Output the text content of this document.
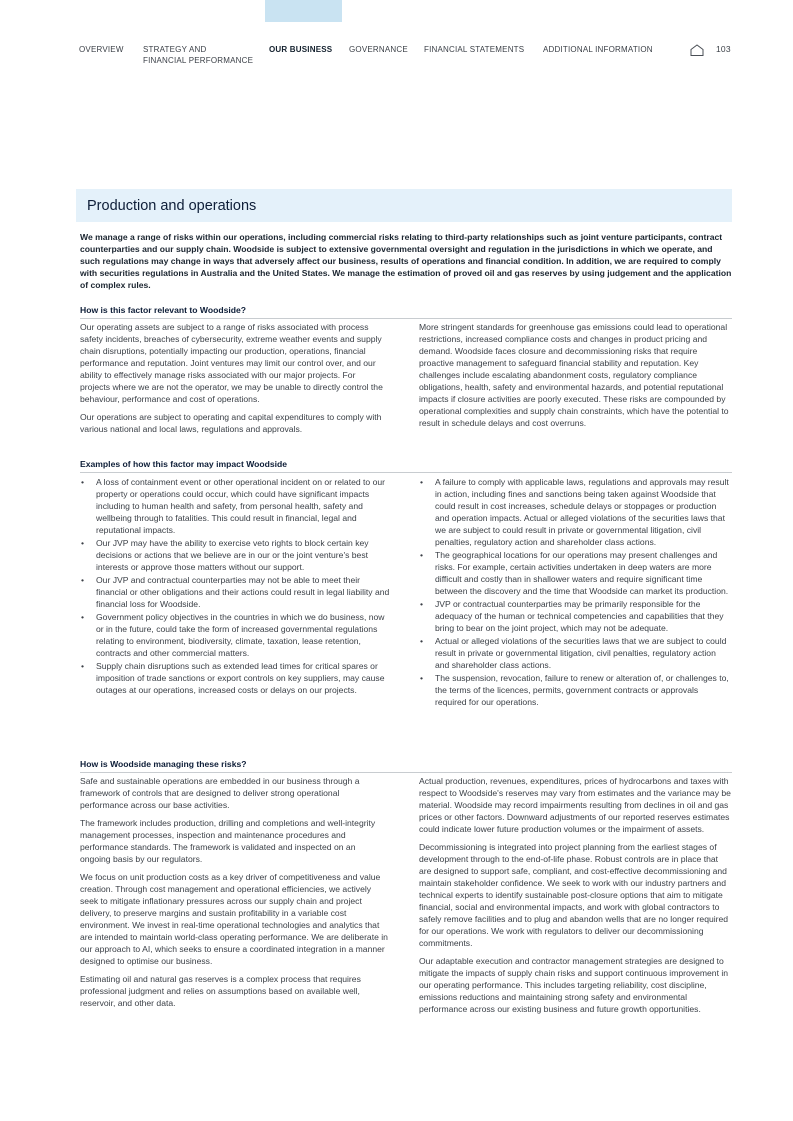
OVERVIEW STRATEGY AND
FINANCIAL PERFORMANCE
OUR BUSINESS GOVERNANCE FINANCIAL STATEMENTS ADDITIONAL INFORMATION	103
Production and operations

We manage a range of risks within our operations, including commercial risks relating to third-party relationships such as joint venture participants, contract counterparties and our supply chain. Woodside is subject to extensive governmental oversight and regulation in the jurisdictions in which we operate, and such regulations may change in ways that adversely affect our business, results of operations and financial condition. In addition, we are required to comply with securities regulations in Australia and the United States. We manage the estimation of proved oil and gas reserves by using judgement and the application of complex rules.

How is this factor relevant to Woodside?

Our operating assets are subject to a range of risks associated with process safety incidents, breaches of cybersecurity, extreme weather events and supply chain disruptions, potentially impacting our production, operations, financial performance and reputation. Joint ventures may limit our control over, and our ability to effectively manage risks associated with our major projects. For projects where we are not the operator, we may be unable to directly control the behaviour, performance and cost of operations.

Our operations are subject to operating and capital expenditures to comply with various national and local laws, regulations and approvals.

More stringent standards for greenhouse gas emissions could lead to operational restrictions, increased compliance costs and changes in product pricing and demand. Woodside faces closure and decommissioning risks that require proactive management to safeguard financial stability and reputation. Key challenges include escalating abandonment costs, regulatory compliance obligations, health, safety and environmental hazards, and potential reputational impacts if closure activities are poorly executed. These risks are compounded by operational complexities and supply chain constraints, which have the potential to result in schedule delays and cost overruns.

Examples of how this factor may impact Woodside
• A loss of containment event or other operational incident on or related to our property or operations could occur, which could have significant impacts including to human health and safety, from personal health, safety and wellbeing through to fatalities. This could result in financial, legal and reputational impacts.
• Our JVP may have the ability to exercise veto rights to block certain key decisions or actions that we believe are in our or the joint venture's best interests or approve those matters without our support.
• Our JVP and contractual counterparties may not be able to meet their financial or other obligations and their actions could result in legal liability and financial loss for Woodside.
• Government policy objectives in the countries in which we do business, now or in the future, could take the form of increased governmental regulations relating to environment, biodiversity, climate, taxation, lease retention, contracts and other commercial matters.
• Supply chain disruptions such as extended lead times for critical spares or imposition of trade sanctions or export controls on key suppliers, may cause outages at our operations, increased costs or delays on our projects.
• A failure to comply with applicable laws, regulations and approvals may result in action, including fines and sanctions being taken against Woodside that could result in cost increases, schedule delays or stoppages or production and operation impacts. Actual or alleged violations of the securities laws that we are subject to could result in private or governmental litigation, civil penalties, regulatory action and shareholder class actions.
• The geographical locations for our operations may present challenges and risks. For example, certain activities undertaken in deep waters are more difficult and costly than in shallower waters and require significant time between the discovery and the time that Woodside can market its production.
• JVP or contractual counterparties may be primarily responsible for the adequacy of the human or technical competencies and capabilities that they bring to bear on the joint project, which may not be adequate.
• Actual or alleged violations of the securities laws that we are subject to could result in private or governmental litigation, civil penalties, regulatory action and shareholder class actions.
• The suspension, revocation, failure to renew or alteration of, or challenges to, the terms of the licences, permits, government contracts or approvals required for our operations.
How is Woodside managing these risks?

Safe and sustainable operations are embedded in our business through a framework of controls that are designed to deliver strong operational performance across our base activities.

The framework includes production, drilling and completions and well-integrity management processes, inspection and maintenance procedures and performance standards. The framework is validated and inspected on an ongoing basis by our regulators.

We focus on unit production costs as a key driver of competitiveness and value creation. Through cost management and operational efficiencies, we actively seek to mitigate inflationary pressures across our supply chain and project delivery, to preserve margins and sustain profitability in a variable cost environment. We invest in real-time operational technologies and analytics that are intended to maintain world-class operating performance. We are deliberate in our approach to AI, which seeks to ensure a coordinated integration in a manner designed to optimise our business.

Estimating oil and natural gas reserves is a complex process that requires professional judgment and relies on assumptions based on available well, reservoir, and other data.

Actual production, revenues, expenditures, prices of hydrocarbons and taxes with respect to Woodside's reserves may vary from estimates and the variance may be material. Woodside may record impairments resulting from declines in oil and gas prices or other factors. Downward adjustments of our reported reserves estimates could indicate lower future production volumes or the impairment of assets.

Decommissioning is integrated into project planning from the earliest stages of development through to the end-of-life phase. Robust controls are in place that are designed to support safe, compliant, and cost-effective decommissioning and maintain stakeholder confidence. We seek to work with our industry partners and technical experts to identify sustainable post-closure options that aim to mitigate financial, social and environmental impacts, and work with global contractors to safely remove facilities and to plug and abandon wells that are no longer required for our operations. We work with regulators to deliver our decommissioning commitments.

Our adaptable execution and contractor management strategies are designed to mitigate the impacts of supply chain risks and support continuous improvement in our operating performance. This includes targeting reliability, cost discipline, emissions reductions and maintaining strong safety and environmental performance across our existing business and future growth opportunities.
